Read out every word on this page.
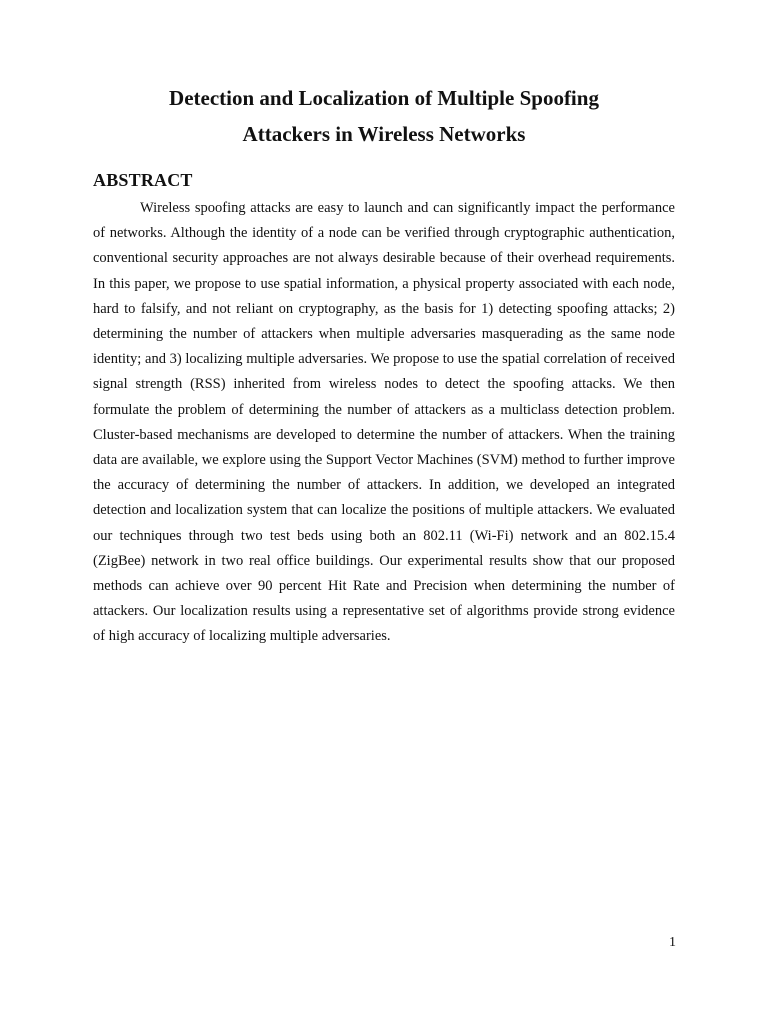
Detection and Localization of Multiple Spoofing
Attackers in Wireless Networks
ABSTRACT

Wireless spoofing attacks are easy to launch and can significantly impact the performance of networks. Although the identity of a node can be verified through cryptographic authentication, conventional security approaches are not always desirable because of their overhead requirements. In this paper, we propose to use spatial information, a physical property associated with each node, hard to falsify, and not reliant on cryptography, as the basis for 1) detecting spoofing attacks; 2) determining the number of attackers when multiple adversaries masquerading as the same node identity; and 3) localizing multiple adversaries. We propose to use the spatial correlation of received signal strength (RSS) inherited from wireless nodes to detect the spoofing attacks. We then formulate the problem of determining the number of attackers as a multiclass detection problem. Cluster-based mechanisms are developed to determine the number of attackers. When the training data are available, we explore using the Support Vector Machines (SVM) method to further improve the accuracy of determining the number of attackers. In addition, we developed an integrated detection and localization system that can localize the positions of multiple attackers. We evaluated our techniques through two test beds using both an 802.11 (Wi-Fi) network and an 802.15.4 (ZigBee) network in two real office buildings. Our experimental results show that our proposed methods can achieve over 90 percent Hit Rate and Precision when determining the number of attackers. Our localization results using a representative set of algorithms provide strong evidence of high accuracy of localizing multiple adversaries.

1
